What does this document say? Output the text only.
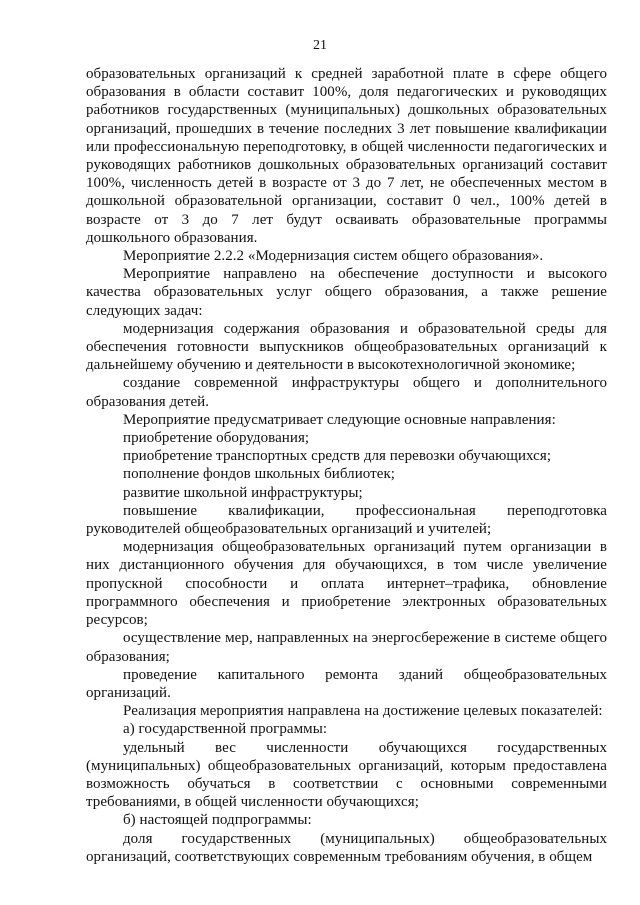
21

образовательных организаций к средней заработной плате в сфере общего образования в области составит 100%, доля педагогических и руководящих работников государственных (муниципальных) дошкольных образовательных организаций, прошедших в течение последних 3 лет повышение квалификации или профессиональную переподготовку, в общей численности педагогических и руководящих работников дошкольных образовательных организаций составит 100%, численность детей в возрасте от 3 до 7 лет, не обеспеченных местом в дошкольной образовательной организации, составит 0 чел., 100% детей в возрасте от 3 до 7 лет будут осваивать образовательные программы дошкольного образования.

Мероприятие 2.2.2 «Модернизация систем общего образования».

Мероприятие направлено на обеспечение доступности и высокого качества образовательных услуг общего образования, а также решение следующих задач:

модернизация содержания образования и образовательной среды для обеспечения готовности выпускников общеобразовательных организаций к дальнейшему обучению и деятельности в высокотехнологичной экономике;

создание современной инфраструктуры общего и дополнительного образования детей.

Мероприятие предусматривает следующие основные направления:

приобретение оборудования;

приобретение транспортных средств для перевозки обучающихся;

пополнение фондов школьных библиотек;

развитие школьной инфраструктуры;

повышение квалификации, профессиональная переподготовка руководителей общеобразовательных организаций и учителей;

модернизация общеобразовательных организаций путем организации в них дистанционного обучения для обучающихся, в том числе увеличение пропускной способности и оплата интернет–трафика, обновление программного обеспечения и приобретение электронных образовательных ресурсов;

осуществление мер, направленных на энергосбережение в системе общего образования;

проведение капитального ремонта зданий общеобразовательных организаций.

Реализация мероприятия направлена на достижение целевых показателей:

а) государственной программы:

удельный вес численности обучающихся государственных (муниципальных) общеобразовательных организаций, которым предоставлена возможность обучаться в соответствии с основными современными требованиями, в общей численности обучающихся;

б) настоящей подпрограммы:

доля государственных (муниципальных) общеобразовательных организаций, соответствующих современным требованиям обучения, в общем
